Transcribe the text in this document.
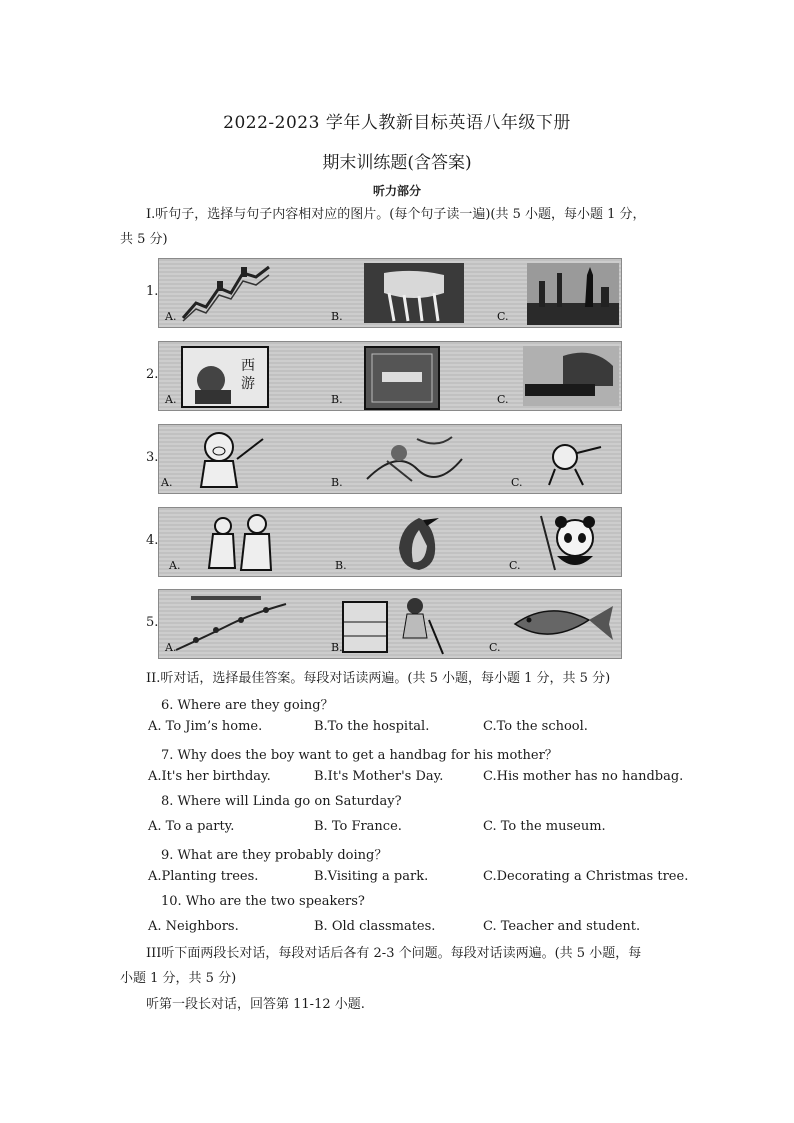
2022-2023 学年人教新目标英语八年级下册
期末训练题(含答案)
听力部分
I.听句子，选择与句子内容相对应的图片。(每个句子读一遍)(共 5 小题，每小题 1 分，
共 5 分)
1.
A.	B.	C.
2.
A.	B.	C.
西
游
3.
A.	B.	C.
4.
A.	B.	C.
5.
A.	B.	C.
II.听对话，选择最佳答案。每段对话读两遍。(共 5 小题，每小题 1 分，共 5 分)
6. Where are they going？
A. To Jim’s home.	B.To the hospital.	C.To the school.
7. Why does the boy want to get a handbag for his mother？
A.It's her birthday.	B.It's Mother's Day.	C.His mother has no handbag.
8. Where will Linda go on Saturday?
A. To a party.	B. To France.	C. To the museum.
9. What are they probably doing？
A.Planting trees.	B.Visiting a park.	C.Decorating a Christmas tree.
10. Who are the two speakers?
A. Neighbors.	B. Old classmates.	C. Teacher and student.
III听下面两段长对话，每段对话后各有 2-3 个问题。每段对话读两遍。(共 5 小题，每
小题 1 分，共 5 分)
听第一段长对话，回答第 11-12 小题.
